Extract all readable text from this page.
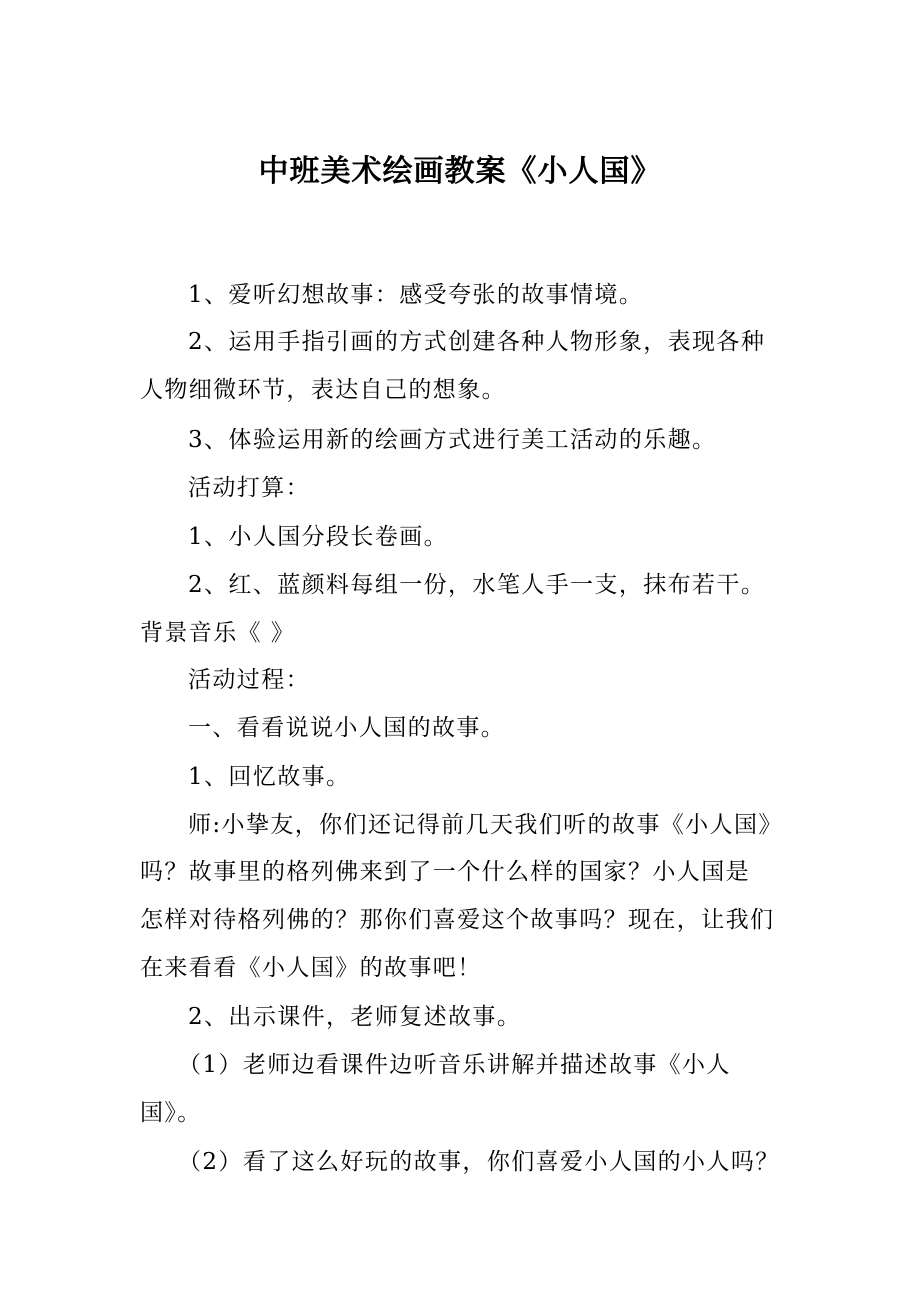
中班美术绘画教案《小人国》
1、爱听幻想故事：感受夸张的故事情境。
2、运用手指引画的方式创建各种人物形象，表现各种
人物细微环节，表达自己的想象。
3、体验运用新的绘画方式进行美工活动的乐趣。
活动打算：
1、小人国分段长卷画。
2、红、蓝颜料每组一份，水笔人手一支，抹布若干。
背景音乐《 》
活动过程：
一、看看说说小人国的故事。
1、回忆故事。
师:小挚友，你们还记得前几天我们听的故事《小人国》
吗？故事里的格列佛来到了一个什么样的国家？小人国是
怎样对待格列佛的？那你们喜爱这个故事吗？现在，让我们
在来看看《小人国》的故事吧！
2、出示课件，老师复述故事。
（1）老师边看课件边听音乐讲解并描述故事《小人
国》。
（2）看了这么好玩的故事，你们喜爱小人国的小人吗？
